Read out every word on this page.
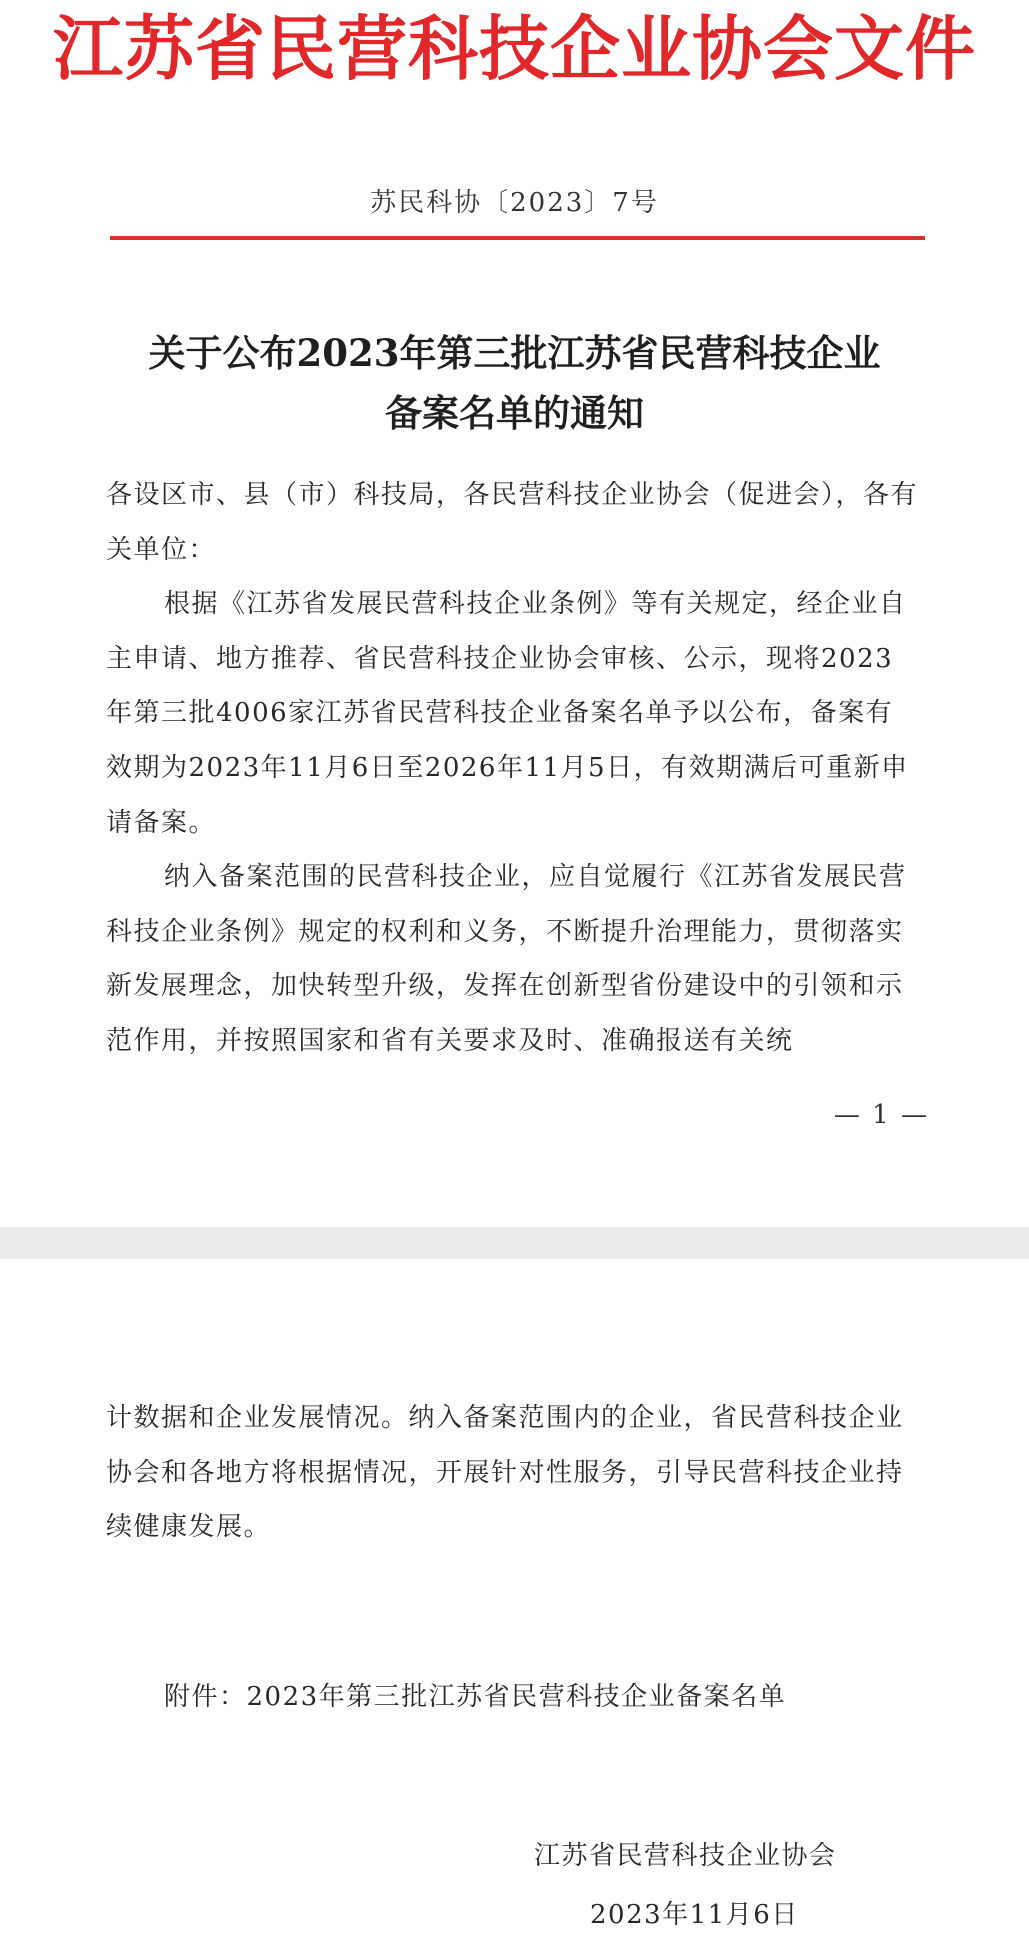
江苏省民营科技企业协会文件
苏民科协〔2023〕7号
关于公布2023年第三批江苏省民营科技企业
备案名单的通知

各设区市、县（市）科技局，各民营科技企业协会（促进会），各有关单位：

根据《江苏省发展民营科技企业条例》等有关规定，经企业自主申请、地方推荐、省民营科技企业协会审核、公示，现将2023年第三批4006家江苏省民营科技企业备案名单予以公布，备案有效期为2023年11月6日至2026年11月5日，有效期满后可重新申请备案。

纳入备案范围的民营科技企业，应自觉履行《江苏省发展民营科技企业条例》规定的权利和义务，不断提升治理能力，贯彻落实新发展理念，加快转型升级，发挥在创新型省份建设中的引领和示范作用，并按照国家和省有关要求及时、准确报送有关统

— 1 —

计数据和企业发展情况。纳入备案范围内的企业，省民营科技企业协会和各地方将根据情况，开展针对性服务，引导民营科技企业持续健康发展。

附件：2023年第三批江苏省民营科技企业备案名单
江苏省民营科技企业协会
2023年11月6日
